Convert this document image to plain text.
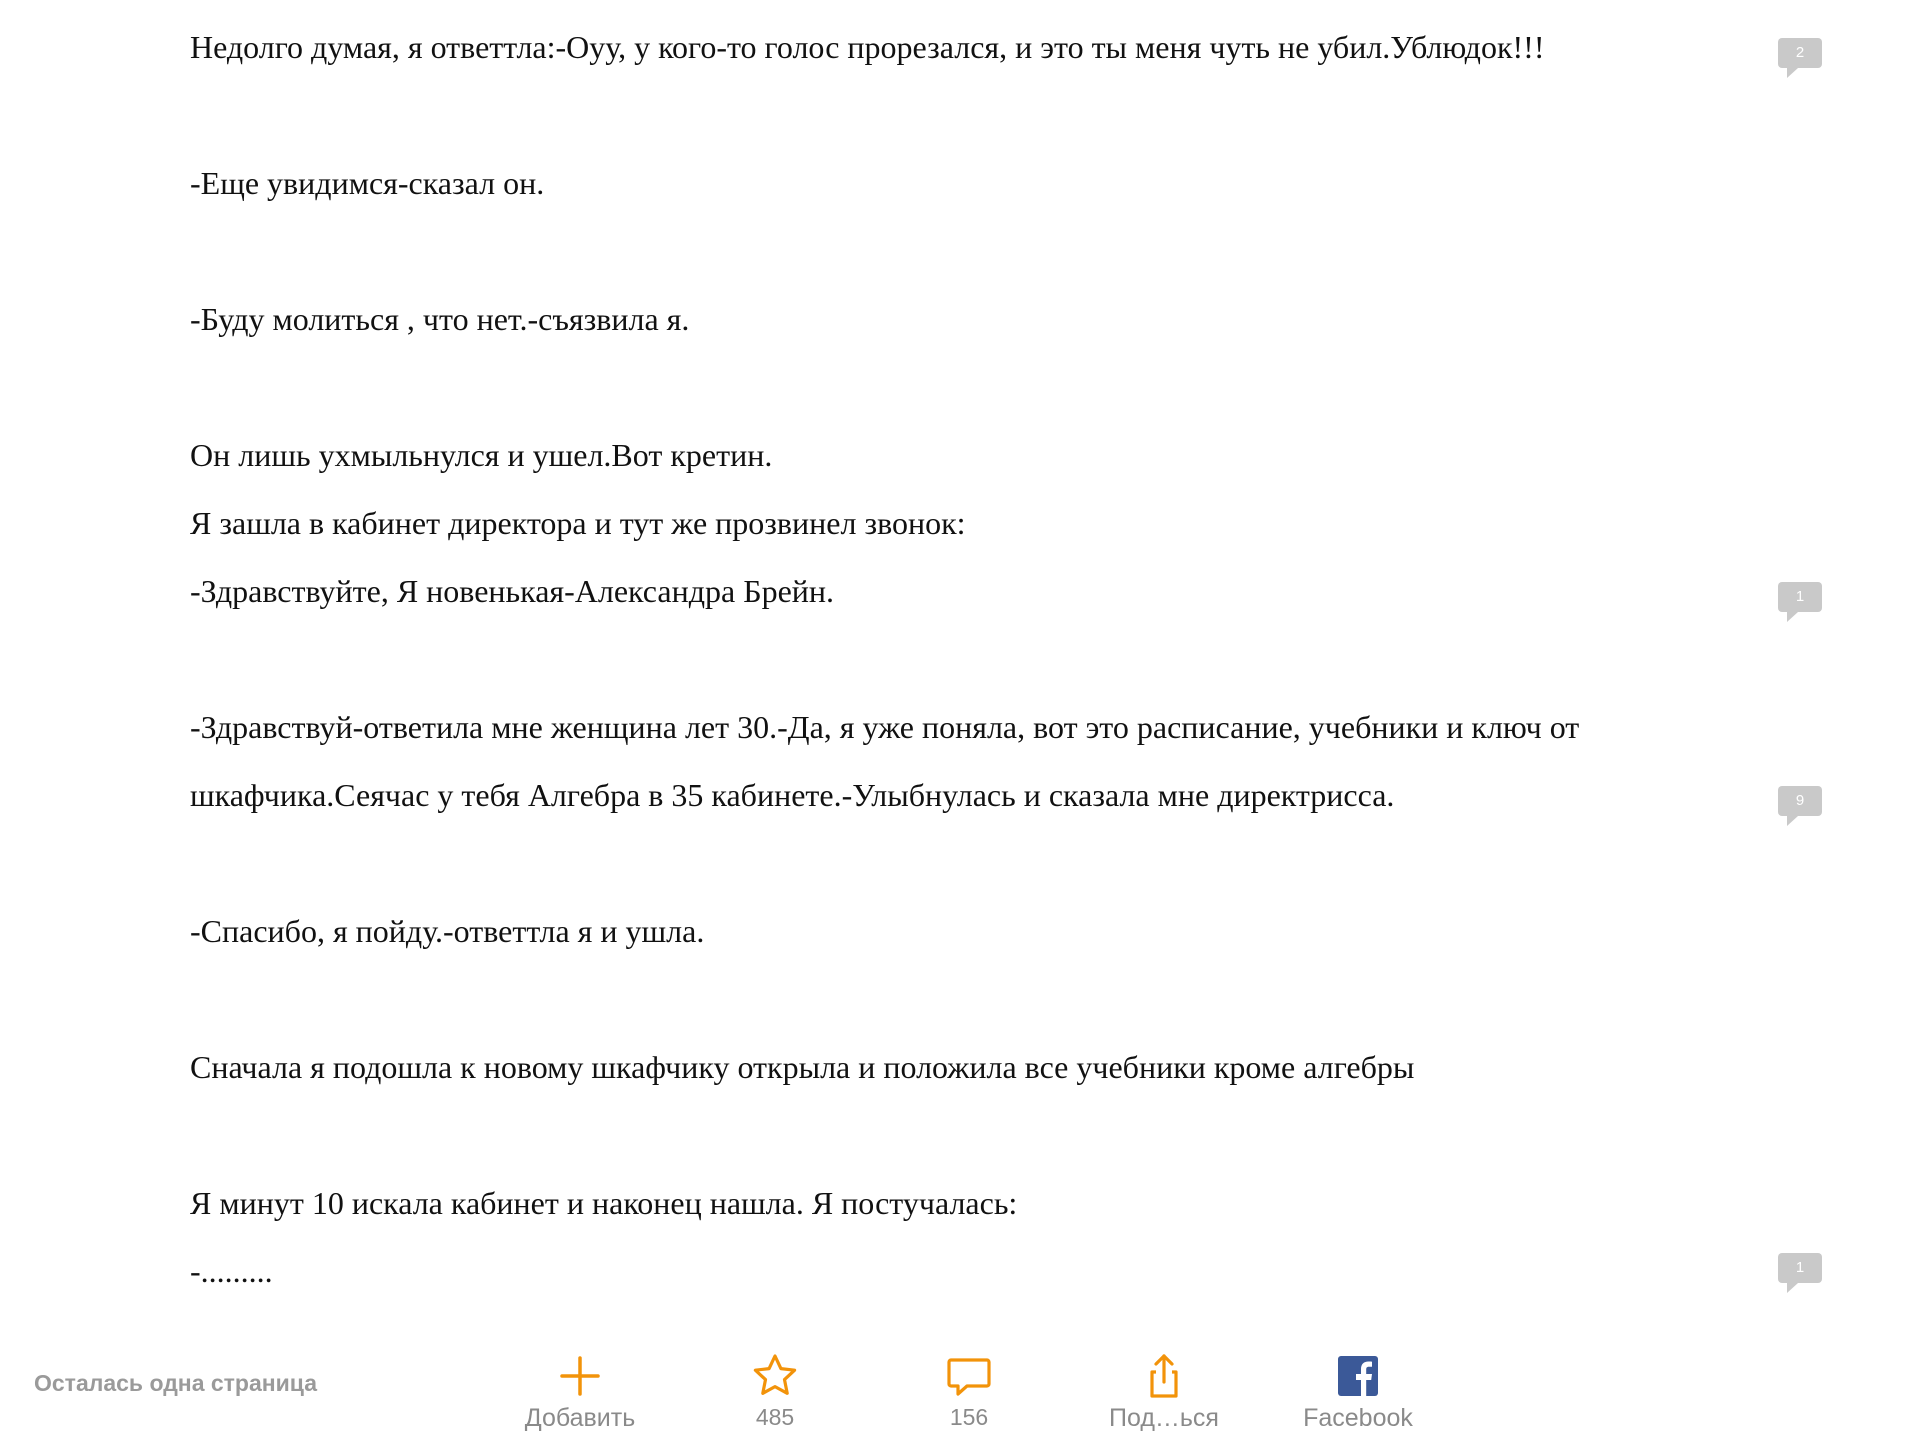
Недолго думая, я ответтла:-Оуу, у кого-то голос прорезался, и это ты меня чуть не убил.Ублюдок!!!
-Еще увидимся-сказал он.
-Буду молиться , что нет.-съязвила я.
Он лишь ухмыльнулся и ушел.Вот кретин.
Я зашла в кабинет директора и тут же прозвинел звонок:
-Здравствуйте, Я новенькая-Александра Брейн.
-Здравствуй-ответила мне женщина лет 30.-Да, я уже поняла, вот это расписание, учебники и ключ от
шкафчика.Сеячас у тебя Алгебра в 35 кабинете.-Улыбнулась и сказала мне директрисса.
-Спасибо, я пойду.-ответтла я и ушла.
Сначала я подошла к новому шкафчику открыла и положила все учебники кроме алгебры
Я минут 10 искала кабинет и наконец нашла. Я постучалась:
-.........
2
1
9
1
Осталась одна страница
Добавить	485	156	Под…ься	Facebook
